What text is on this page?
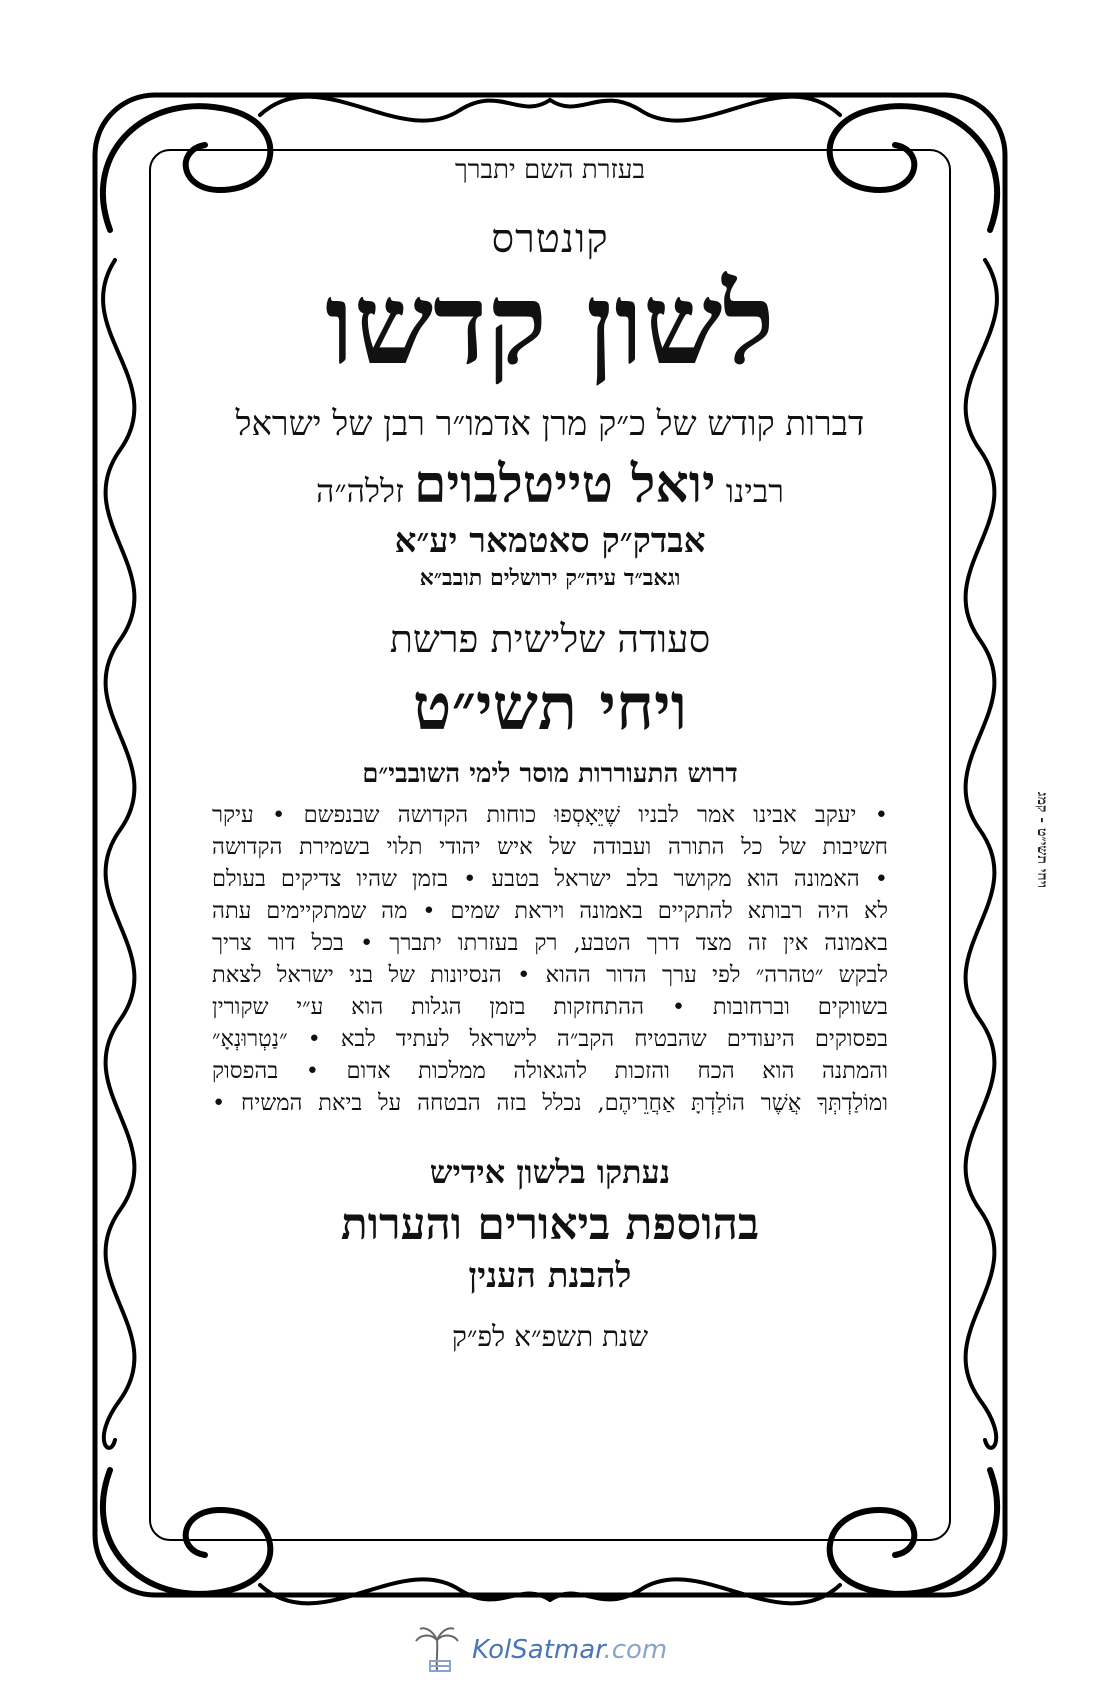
בעזרת השם יתברך
קונטרס
לשון קדשו
דברות קודש של כ״ק מרן אדמו״ר רבן של ישראל
רבינו יואל טייטלבוים זללה״ה
אבדק״ק סאטמאר יע״א
וגאב״ד עיה״ק ירושלים תובב״א
סעודה שלישית פרשת
ויחי תשי״ט
דרוש התעוררות מוסר לימי השובבי״ם
• יעקב אבינו אמר לבניו שֶׁיֵּאָסְפוּ כוחות הקדושה שבנפשם • עיקר
חשיבות של כל התורה ועבודה של איש יהודי תלוי בשמירת הקדושה
• האמונה הוא מקושר בלב ישראל בטבע • בזמן שהיו צדיקים בעולם
לא היה רבותא להתקיים באמונה ויראת שמים • מה שמתקיימים עתה
באמונה אין זה מצד דרך הטבע, רק בעזרתו יתברך • בכל דור צריך
לבקש ״טהרה״ לפי ערך הדור ההוא • הנסיונות של בני ישראל לצאת
בשווקים וברחובות • ההתחזקות בזמן הגלות הוא ע״י שקורין
בפסוקים היעודים שהבטיח הקב״ה לישראל לעתיד לבא • ״נַטְרוּנְאָ״
והמתנה הוא הכח והזכות להגאולה ממלכות אדום • בהפסוק
ומוֹלַדְתְּךָ אֲשֶׁר הוֹלַדְתָּ אַחֲרֵיהֶם, נכלל בזה הבטחה על ביאת המשיח •
נעתקו בלשון אידיש
בהוספת ביאורים והערות
להבנת הענין
שנת תשפ״א לפ״ק
ויחי תשי״ט - קמג
KolSatmar.com
